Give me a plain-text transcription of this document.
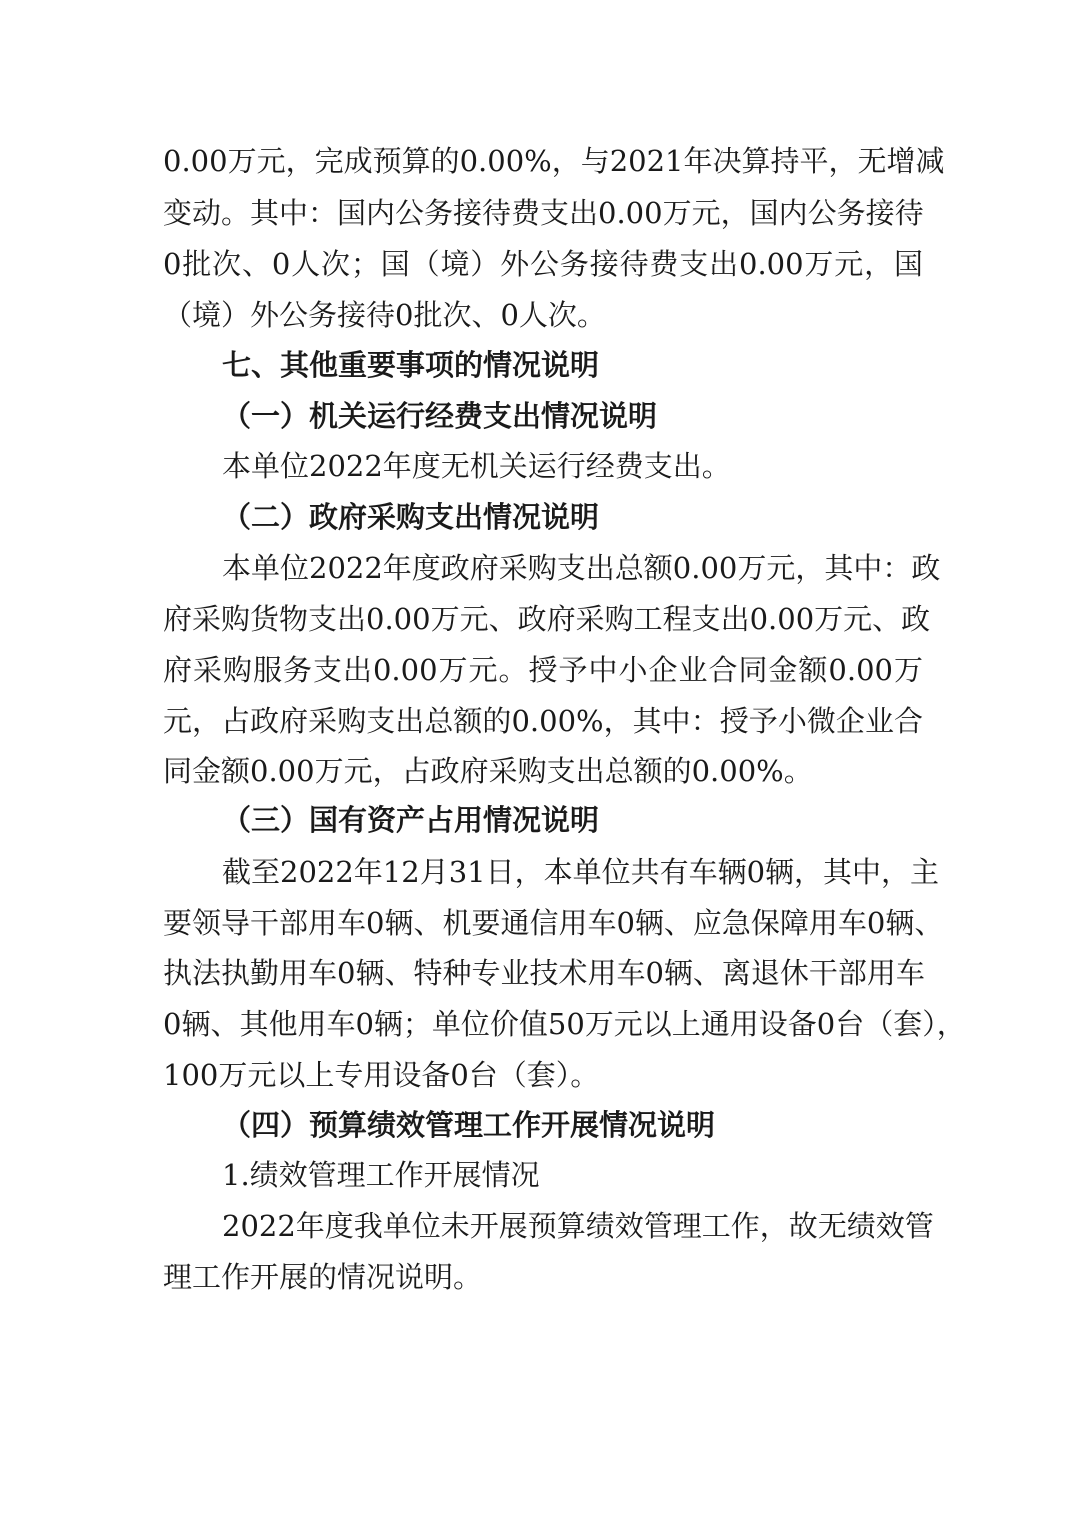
0.00万元，完成预算的0.00%，与2021年决算持平，无增减
变动。其中：国内公务接待费支出0.00万元，国内公务接待
0批次、0人次；国（境）外公务接待费支出0.00万元，国
（境）外公务接待0批次、0人次。
七、其他重要事项的情况说明
（一）机关运行经费支出情况说明
本单位2022年度无机关运行经费支出。
（二）政府采购支出情况说明
本单位2022年度政府采购支出总额0.00万元，其中：政
府采购货物支出0.00万元、政府采购工程支出0.00万元、政
府采购服务支出0.00万元。授予中小企业合同金额0.00万
元，占政府采购支出总额的0.00%，其中：授予小微企业合
同金额0.00万元，占政府采购支出总额的0.00%。
（三）国有资产占用情况说明
截至2022年12月31日，本单位共有车辆0辆，其中，主
要领导干部用车0辆、机要通信用车0辆、应急保障用车0辆、
执法执勤用车0辆、特种专业技术用车0辆、离退休干部用车
0辆、其他用车0辆；单位价值50万元以上通用设备0台（套），
100万元以上专用设备0台（套）。
（四）预算绩效管理工作开展情况说明
1.绩效管理工作开展情况
2022年度我单位未开展预算绩效管理工作，故无绩效管
理工作开展的情况说明。
